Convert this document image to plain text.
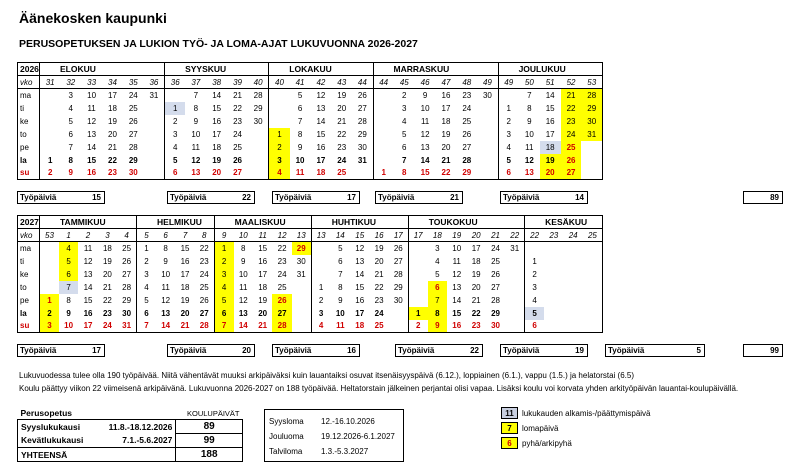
Äänekosken kaupunki
PERUSOPETUKSEN JA LUKION TYÖ- JA LOMA-AJAT LUKUVUONNA 2026-2027
2026	ELOKUU						SYYSKUU					LOKAKUU					MARRASKUU						JOULUKUU				
vko	31	32	33	34	35	36	36	37	38	39	40	40	41	42	43	44	44	45	46	47	48	49	49	50	51	52	53
ma		3	10	17	24	31		7	14	21	28		5	12	19	26		2	9	16	23	30		7	14	21	28
ti		4	11	18	25		1	8	15	22	29		6	13	20	27		3	10	17	24		1	8	15	22	29
ke		5	12	19	26		2	9	16	23	30		7	14	21	28		4	11	18	25		2	9	16	23	30
to		6	13	20	27		3	10	17	24		1	8	15	22	29		5	12	19	26		3	10	17	24	31
pe		7	14	21	28		4	11	18	25		2	9	16	23	30		6	13	20	27		4	11	18	25	
la	1	8	15	22	29		5	12	19	26		3	10	17	24	31		7	14	21	28		5	12	19	26	
su	2	9	16	23	30		6	13	20	27		4	11	18	25		1	8	15	22	29		6	13	20	27	
Työpäiviä	15	Työpäiviä	22	Työpäiviä	17	Työpäiviä	21	Työpäiviä	14	89
2027	TAMMIKUU					HELMIKUU				MAALISKUU					HUHTIKUU					TOUKOKUU						KESÄKUU			
vko	53	1	2	3	4	5	6	7	8	9	10	11	12	13	13	14	15	16	17	17	18	19	20	21	22	22	23	24	25
ma		4	11	18	25	1	8	15	22	1	8	15	22	29		5	12	19	26		3	10	17	24	31				
ti		5	12	19	26	2	9	16	23	2	9	16	23	30		6	13	20	27		4	11	18	25		1			
ke		6	13	20	27	3	10	17	24	3	10	17	24	31		7	14	21	28		5	12	19	26		2			
to		7	14	21	28	4	11	18	25	4	11	18	25		1	8	15	22	29		6	13	20	27		3			
pe	1	8	15	22	29	5	12	19	26	5	12	19	26		2	9	16	23	30		7	14	21	28		4			
la	2	9	16	23	30	6	13	20	27	6	13	20	27		3	10	17	24		1	8	15	22	29		5			
su	3	10	17	24	31	7	14	21	28	7	14	21	28		4	11	18	25		2	9	16	23	30		6			
Työpäiviä	17	Työpäiviä	20	Työpäiviä	16	Työpäiviä	22	Työpäiviä	19	Työpäiviä	5	99
Lukuvuodessa tulee olla 190 työpäivää. Niitä vähentävät muuksi arkipäiväksi kuin lauantaiksi osuvat itsenäisyyspäivä (6.12.), loppiainen (6.1.), vappu (1.5.) ja helatorstai (6.5)
Koulu päättyy viikon 22 viimeisenä arkipäivänä. Lukuvuonna 2026-2027 on 188 työpäivää. Heltatorstain jälkeinen perjantai olisi vapaa. Lisäksi koulu voi korvata yhden arkityöpäivän lauantai-koulupäivällä.
Perusopetus		KOULUPÄIVÄT
Syyslukukausi	11.8.-18.12.2026	89
Kevätlukukausi	7.1.-5.6.2027	99
YHTEENSÄ		188
Syysloma 12.-16.10.2026
Jouluoma 19.12.2026-6.1.2027
Talviloma 1.3.-5.3.2027
11	lukukauden alkamis-/päättymispäivä
7	lomapäivä
6	pyhä/arkipyhä
